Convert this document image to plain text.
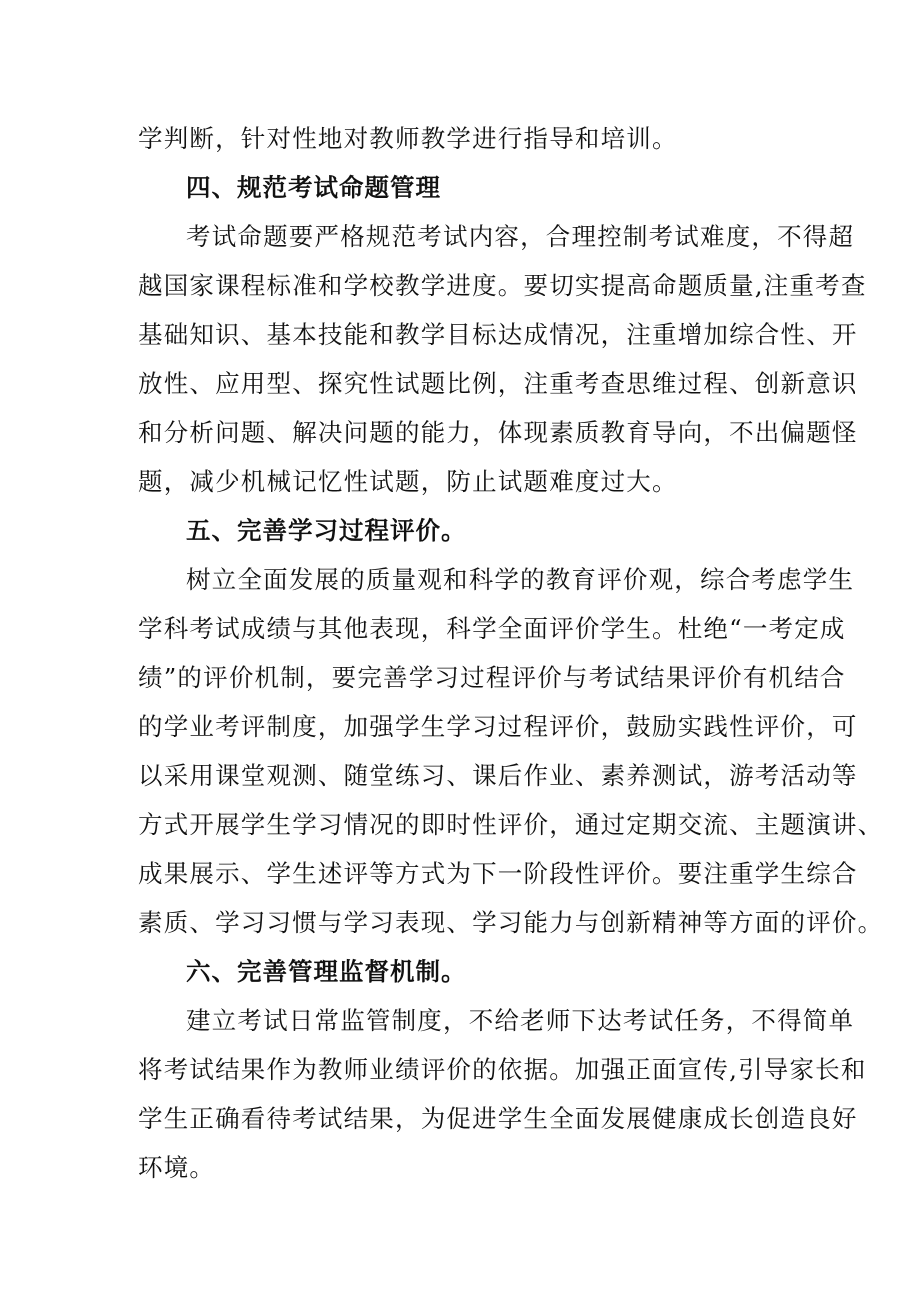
学判断，针对性地对教师教学进行指导和培训。
四、规范考试命题管理
考试命题要严格规范考试内容，合理控制考试难度，不得超
越国家课程标准和学校教学进度。要切实提高命题质量,注重考查
基础知识、基本技能和教学目标达成情况，注重增加综合性、开
放性、应用型、探究性试题比例，注重考查思维过程、创新意识
和分析问题、解决问题的能力，体现素质教育导向，不出偏题怪
题，减少机械记忆性试题，防止试题难度过大。
五、完善学习过程评价。
树立全面发展的质量观和科学的教育评价观，综合考虑学生
学科考试成绩与其他表现，科学全面评价学生。杜绝“一考定成
绩”的评价机制，要完善学习过程评价与考试结果评价有机结合
的学业考评制度，加强学生学习过程评价，鼓励实践性评价，可
以采用课堂观测、随堂练习、课后作业、素养测试，游考活动等
方式开展学生学习情况的即时性评价，通过定期交流、主题演讲、
成果展示、学生述评等方式为下一阶段性评价。要注重学生综合
素质、学习习惯与学习表现、学习能力与创新精神等方面的评价。
六、完善管理监督机制。
建立考试日常监管制度，不给老师下达考试任务，不得简单
将考试结果作为教师业绩评价的依据。加强正面宣传,引导家长和
学生正确看待考试结果，为促进学生全面发展健康成长创造良好
环境。
